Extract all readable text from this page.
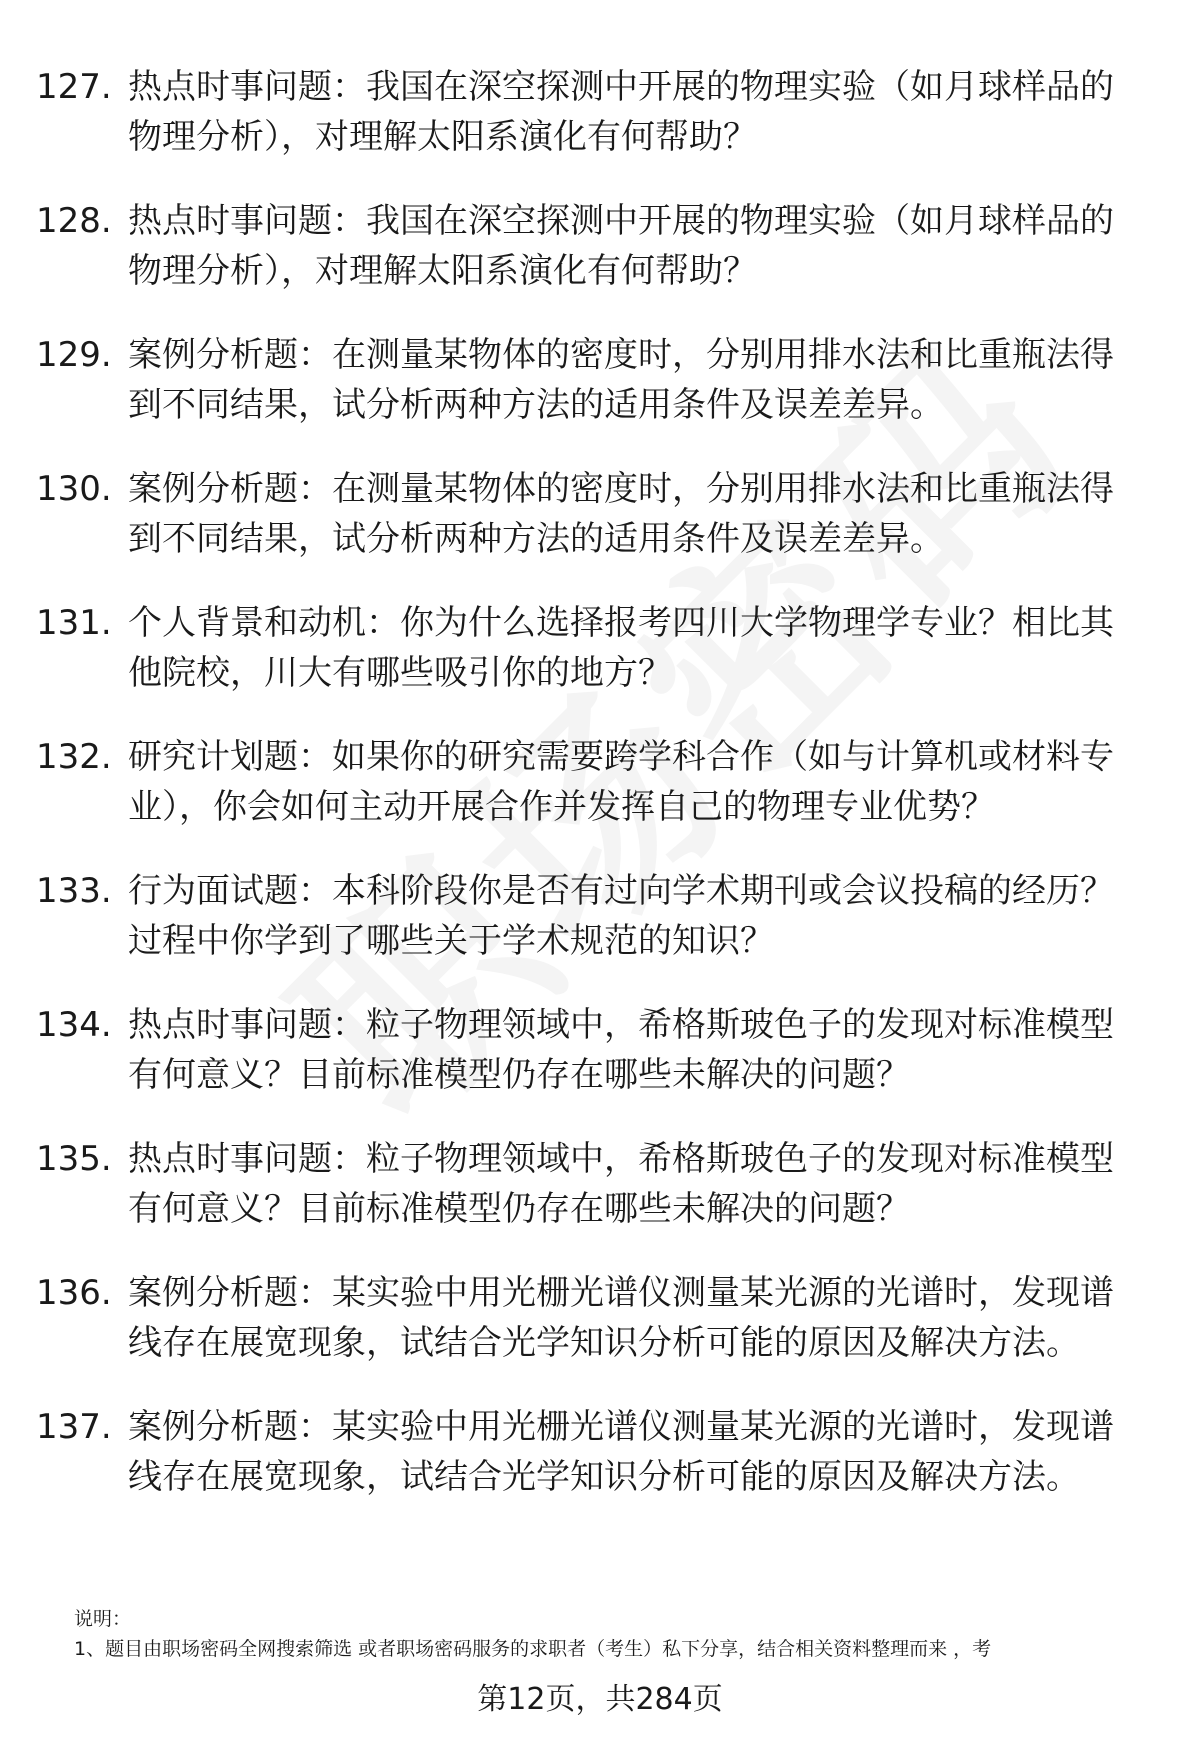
127. 热点时事问题：我国在深空探测中开展的物理实验（如月球样品的物理分析），对理解太阳系演化有何帮助？
128. 热点时事问题：我国在深空探测中开展的物理实验（如月球样品的物理分析），对理解太阳系演化有何帮助？
129. 案例分析题：在测量某物体的密度时，分别用排水法和比重瓶法得到不同结果，试分析两种方法的适用条件及误差差异。
130. 案例分析题：在测量某物体的密度时，分别用排水法和比重瓶法得到不同结果，试分析两种方法的适用条件及误差差异。
131. 个人背景和动机：你为什么选择报考四川大学物理学专业？相比其他院校，川大有哪些吸引你的地方？
132. 研究计划题：如果你的研究需要跨学科合作（如与计算机或材料专业），你会如何主动开展合作并发挥自己的物理专业优势？
133. 行为面试题：本科阶段你是否有过向学术期刊或会议投稿的经历？过程中你学到了哪些关于学术规范的知识？
134. 热点时事问题：粒子物理领域中，希格斯玻色子的发现对标准模型有何意义？目前标准模型仍存在哪些未解决的问题？
135. 热点时事问题：粒子物理领域中，希格斯玻色子的发现对标准模型有何意义？目前标准模型仍存在哪些未解决的问题？
136. 案例分析题：某实验中用光栅光谱仪测量某光源的光谱时，发现谱线存在展宽现象，试结合光学知识分析可能的原因及解决方法。
137. 案例分析题：某实验中用光栅光谱仪测量某光源的光谱时，发现谱线存在展宽现象，试结合光学知识分析可能的原因及解决方法。
说明：
1、题目由职场密码全网搜索筛选 或者职场密码服务的求职者（考生）私下分享，结合相关资料整理而来 ，考
第12页，共284页
